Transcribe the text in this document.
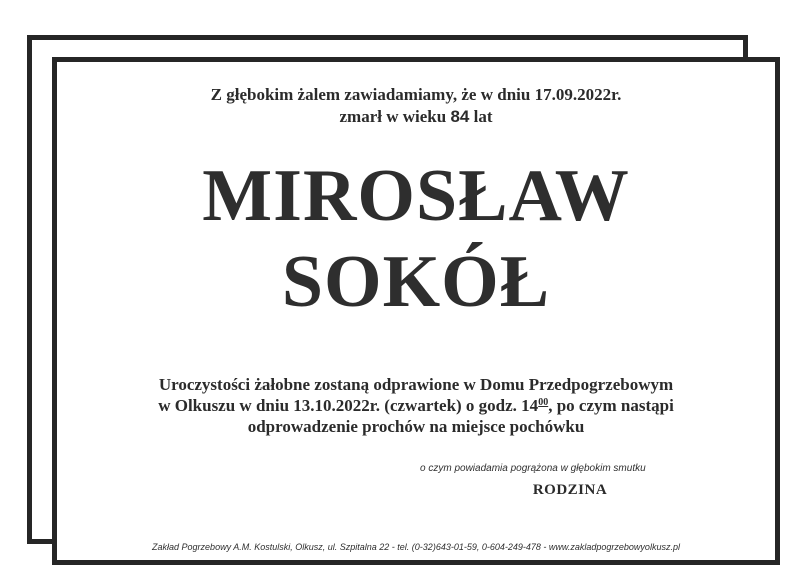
Z głębokim żalem zawiadamiamy, że w dniu 17.09.2022r.
zmarł w wieku 84 lat
MIROSŁAW
SOKÓŁ
Uroczystości żałobne zostaną odprawione w Domu Przedpogrzebowym
w Olkuszu w dniu 13.10.2022r. (czwartek) o godz. $14^{00}$, po czym nastąpi
odprowadzenie prochów na miejsce pochówku
o czym powiadamia pogrążona w głębokim smutku
RODZINA
Zakład Pogrzebowy A.M. Kostulski, Olkusz, ul. Szpitalna 22 - tel. (0-32)643-01-59, 0-604-249-478 - www.zakladpogrzebowyolkusz.pl
